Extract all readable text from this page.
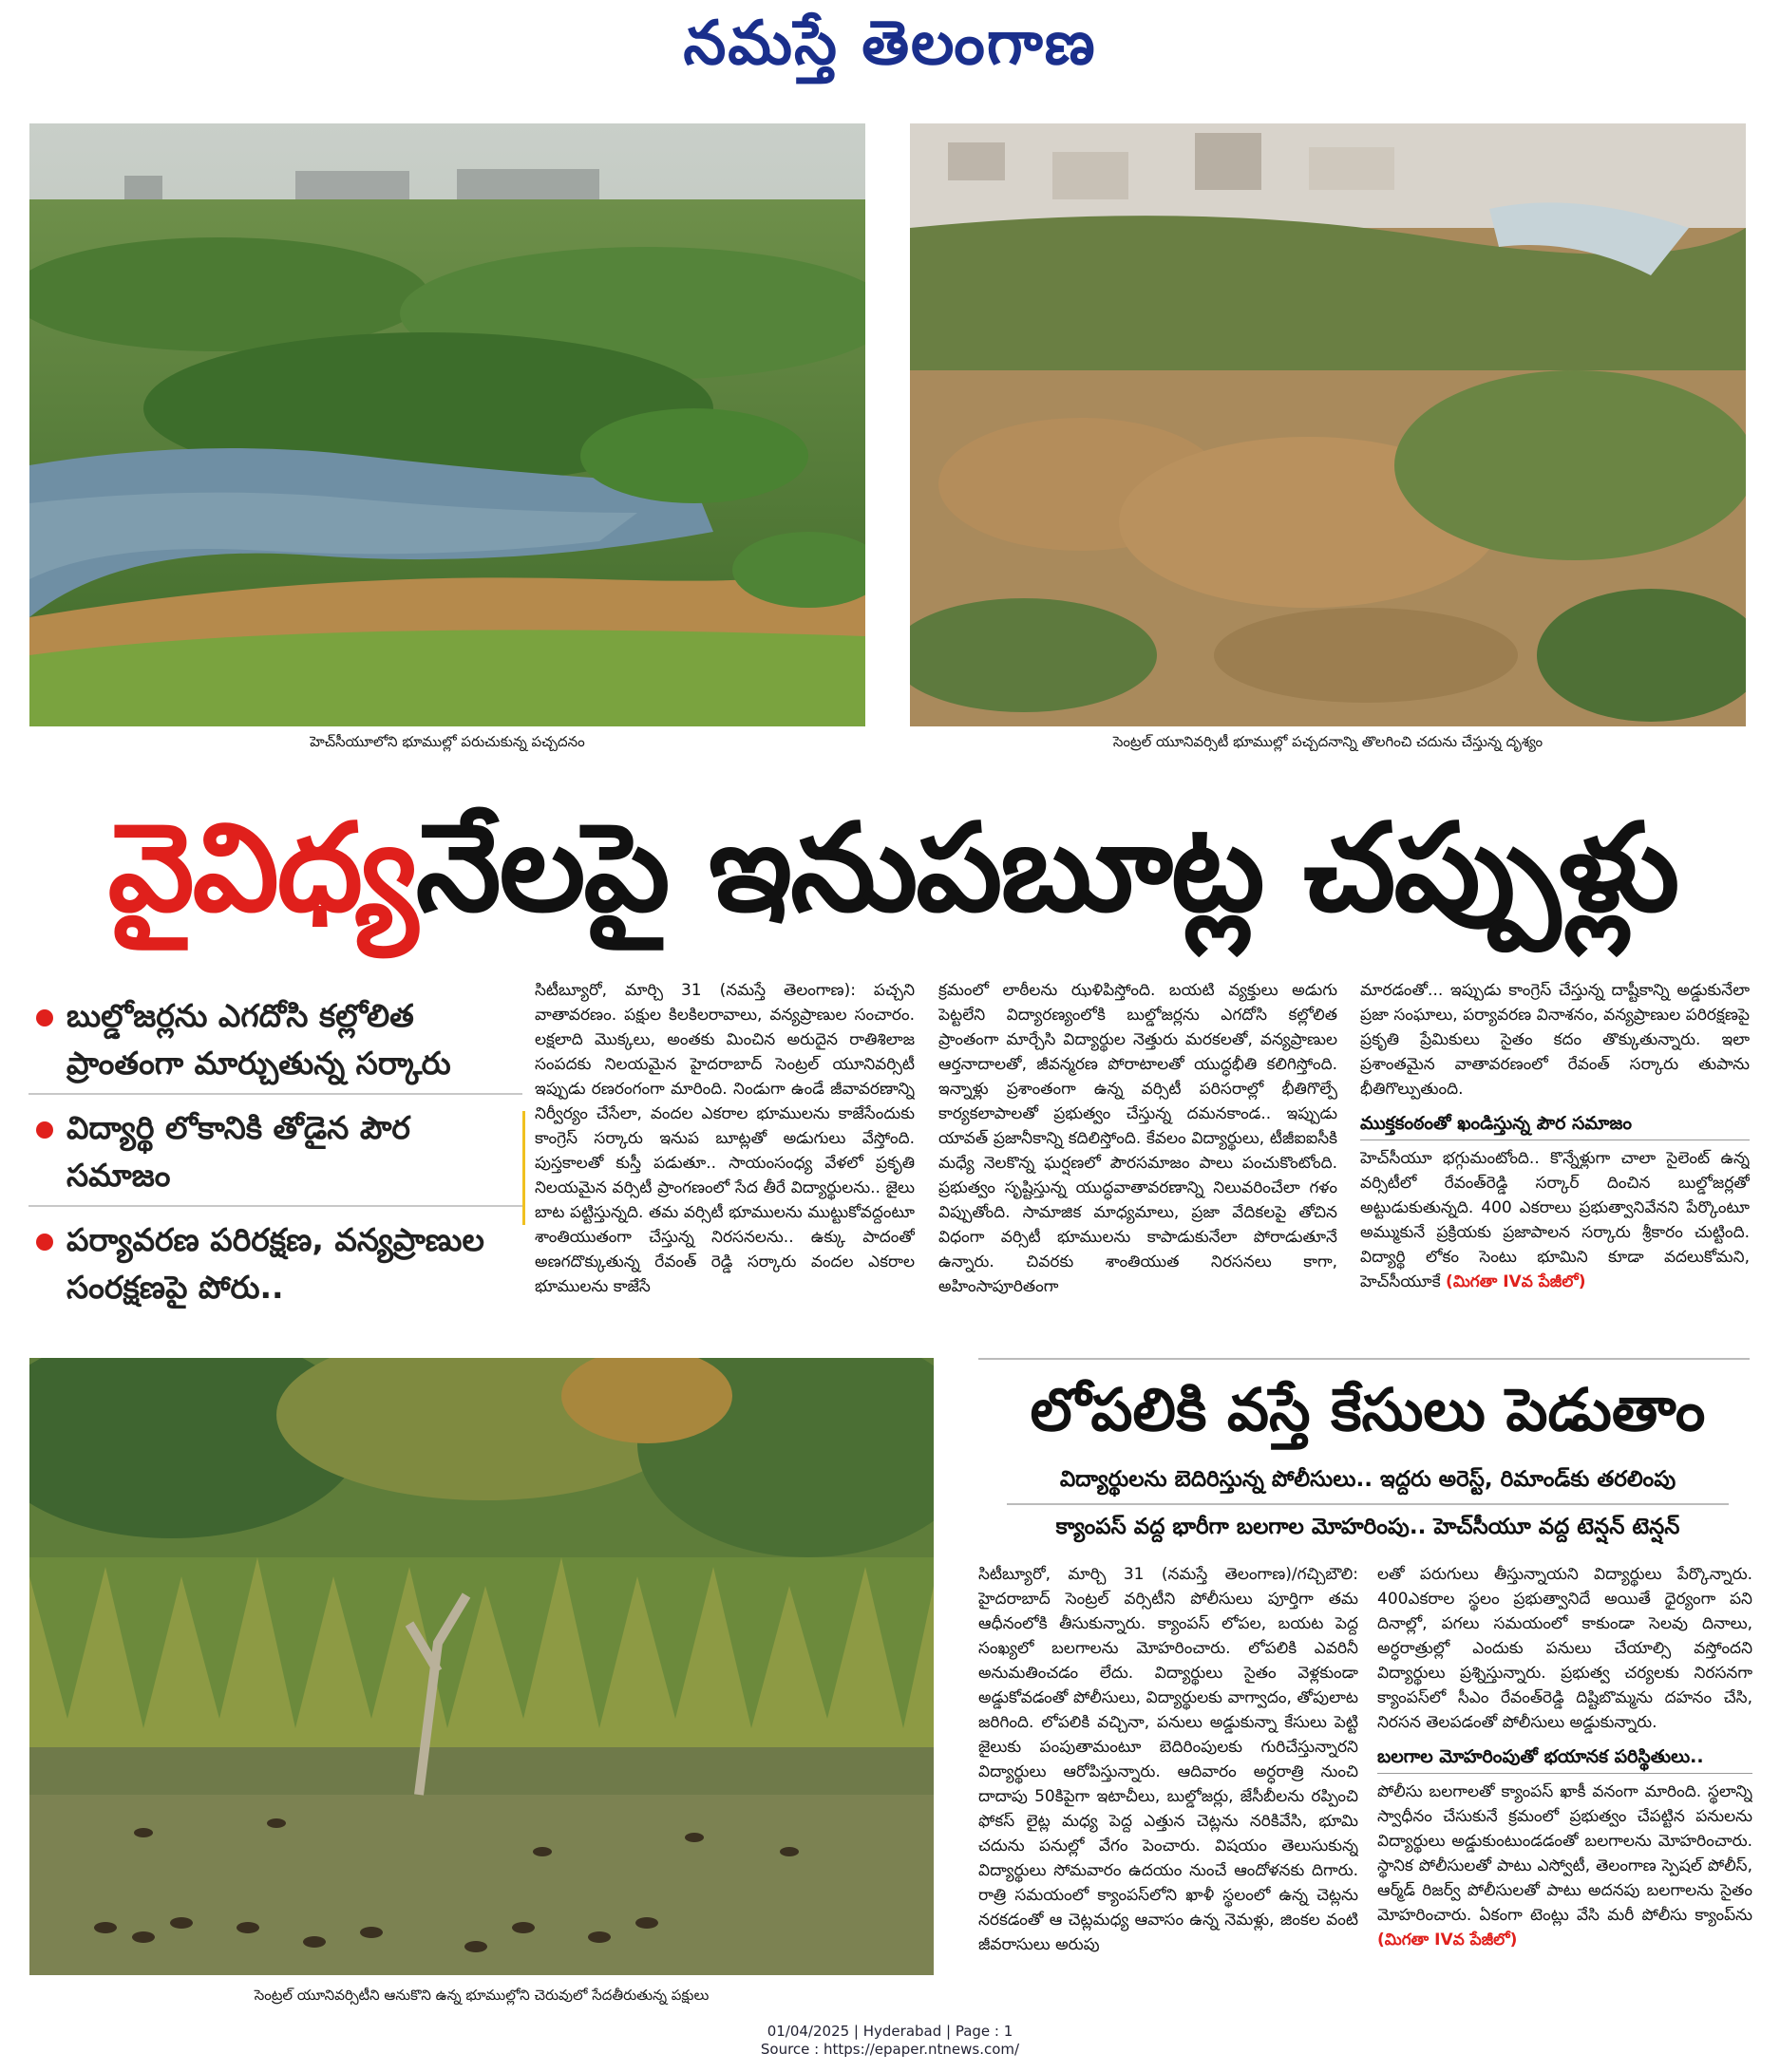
నమస్తే తెలంగాణ
హెచ్‌సీయూలోని భూముల్లో పరుచుకున్న పచ్చదనం	సెంట్రల్ యూనివర్సిటీ భూముల్లో పచ్చదనాన్ని తొలగించి చదును చేస్తున్న దృశ్యం
వైవిధ్యనేలపై ఇనుపబూట్ల చప్పుళ్లు
బుల్డోజర్లను ఎగదోసి కల్లోలిత ప్రాంతంగా మార్చుతున్న సర్కారు
విద్యార్థి లోకానికి తోడైన పౌర సమాజం
పర్యావరణ పరిరక్షణ, వన్యప్రాణుల సంరక్షణపై పోరు..

సిటీబ్యూరో, మార్చి 31 (నమస్తే తెలంగాణ): పచ్చని వాతావరణం. పక్షుల కిలకిలరావాలు, వన్యప్రాణుల సంచారం. లక్షలాది మొక్కలు, అంతకు మించిన అరుదైన రాతిశిలాజ సంపదకు నిలయమైన హైదరాబాద్ సెంట్రల్ యూనివర్సిటీ ఇప్పుడు రణరంగంగా మారింది. నిండుగా ఉండే జీవావరణాన్ని నిర్వీర్యం చేసేలా, వందల ఎకరాల భూములను కాజేసేందుకు కాంగ్రెస్ సర్కారు ఇనుప బూట్లతో అడుగులు వేస్తోంది. పుస్తకాలతో కుస్తీ పడుతూ.. సాయంసంధ్య వేళలో ప్రకృతి నిలయమైన వర్సిటీ ప్రాంగణంలో సేద తీరే విద్యార్థులను.. జైలు బాట పట్టిస్తున్నది. తమ వర్సిటీ భూములను ముట్టుకోవద్దంటూ శాంతియుతంగా చేస్తున్న నిరసనలను.. ఉక్కు పాదంతో అణగదొక్కుతున్న రేవంత్ రెడ్డి సర్కారు వందల ఎకరాల భూములను కాజేసే

క్రమంలో లాఠీలను ఝళిపిస్తోంది. బయటి వ్యక్తులు అడుగు పెట్టలేని విద్యారణ్యంలోకి బుల్డోజర్లను ఎగదోసి కల్లోలిత ప్రాంతంగా మార్చేసి విద్యార్థుల నెత్తురు మరకలతో, వన్యప్రాణుల ఆర్తనాదాలతో, జీవన్మరణ పోరాటాలతో యుద్ధభీతి కలిగిస్తోంది. ఇన్నాళ్లు ప్రశాంతంగా ఉన్న వర్సిటీ పరిసరాల్లో భీతిగొల్పే కార్యకలాపాలతో ప్రభుత్వం చేస్తున్న దమనకాండ.. ఇప్పుడు యావత్ ప్రజానీకాన్ని కదిలిస్తోంది. కేవలం విద్యార్థులు, టీజీఐఐసీకి మధ్యే నెలకొన్న ఘర్షణలో పౌరసమాజం పాలు పంచుకొంటోంది. ప్రభుత్వం సృష్టిస్తున్న యుద్ధవాతావరణాన్ని నిలువరించేలా గళం విప్పుతోంది. సామాజిక మాధ్యమాలు, ప్రజా వేదికలపై తోచిన విధంగా వర్సిటీ భూములను కాపాడుకునేలా పోరాడుతూనే ఉన్నారు. చివరకు శాంతియుత నిరసనలు కాగా, అహింసాపూరితంగా

మారడంతో... ఇప్పుడు కాంగ్రెస్ చేస్తున్న దాష్టీకాన్ని అడ్డుకునేలా ప్రజా సంఘాలు, పర్యావరణ వినాశనం, వన్యప్రాణుల పరిరక్షణపై ప్రకృతి ప్రేమికులు సైతం కదం తొక్కుతున్నారు. ఇలా ప్రశాంతమైన వాతావరణంలో రేవంత్ సర్కారు తుపాను భీతిగొల్పుతుంది.

ముక్తకంఠంతో ఖండిస్తున్న పౌర సమాజం

హెచ్‌సీయూ భగ్గుమంటోంది.. కొన్నేళ్లుగా చాలా సైలెంట్ ఉన్న వర్సిటీలో రేవంత్‌రెడ్డి సర్కార్ దించిన బుల్డోజర్లతో అట్టుడుకుతున్నది. 400 ఎకరాలు ప్రభుత్వానివేనని పేర్కొంటూ అమ్ముకునే ప్రక్రియకు ప్రజాపాలన సర్కారు శ్రీకారం చుట్టింది. విద్యార్థి లోకం సెంటు భూమిని కూడా వదలుకోమని, హెచ్‌సీయూకే (మిగతా IVవ పేజీలో)

సెంట్రల్ యూనివర్సిటీని ఆనుకొని ఉన్న భూముల్లోని చెరువులో సేదతీరుతున్న పక్షులు
లోపలికి వస్తే కేసులు పెడుతాం
విద్యార్థులను బెదిరిస్తున్న పోలీసులు.. ఇద్దరు అరెస్ట్, రిమాండ్‌కు తరలింపు
క్యాంపస్ వద్ద భారీగా బలగాల మోహరింపు.. హెచ్‌సీయూ వద్ద టెన్షన్ టెన్షన్

సిటీబ్యూరో, మార్చి 31 (నమస్తే తెలంగాణ)/గచ్చిబౌలి: హైదరాబాద్ సెంట్రల్ వర్సిటీని పోలీసులు పూర్తిగా తమ ఆధీనంలోకి తీసుకున్నారు. క్యాంపస్ లోపల, బయట పెద్ద సంఖ్యలో బలగాలను మోహరించారు. లోపలికి ఎవరినీ అనుమతించడం లేదు. విద్యార్థులు సైతం వెళ్లకుండా అడ్డుకోవడంతో పోలీసులు, విద్యార్థులకు వాగ్వాదం, తోపులాట జరిగింది. లోపలికి వచ్చినా, పనులు అడ్డుకున్నా కేసులు పెట్టి జైలుకు పంపుతామంటూ బెదిరింపులకు గురిచేస్తున్నారని విద్యార్థులు ఆరోపిస్తున్నారు. ఆదివారం అర్ధరాత్రి నుంచి దాదాపు 50కిపైగా ఇటాచీలు, బుల్డోజర్లు, జేసీబీలను రప్పించి ఫోకస్ లైట్ల మధ్య పెద్ద ఎత్తున చెట్లను నరికివేసి, భూమి చదును పనుల్లో వేగం పెంచారు. విషయం తెలుసుకున్న విద్యార్థులు సోమవారం ఉదయం నుంచే ఆందోళనకు దిగారు. రాత్రి సమయంలో క్యాంపస్‌లోని ఖాళీ స్థలంలో ఉన్న చెట్లను నరకడంతో ఆ చెట్లమధ్య ఆవాసం ఉన్న నెమళ్లు, జింకల వంటి జీవరాసులు అరుపు

లతో పరుగులు తీస్తున్నాయని విద్యార్థులు పేర్కొన్నారు. 400ఎకరాల స్థలం ప్రభుత్వానిదే అయితే ధైర్యంగా పని దినాల్లో, పగలు సమయంలో కాకుండా సెలవు దినాలు, అర్ధరాత్రుల్లో ఎందుకు పనులు చేయాల్సి వస్తోందని విద్యార్థులు ప్రశ్నిస్తున్నారు. ప్రభుత్వ చర్యలకు నిరసనగా క్యాంపస్‌లో సీఎం రేవంత్‌రెడ్డి దిష్టిబొమ్మను దహనం చేసి, నిరసన తెలపడంతో పోలీసులు అడ్డుకున్నారు.

బలగాల మోహరింపుతో భయానక పరిస్థితులు..

పోలీసు బలగాలతో క్యాంపస్ ఖాకీ వనంగా మారింది. స్థలాన్ని స్వాధీనం చేసుకునే క్రమంలో ప్రభుత్వం చేపట్టిన పనులను విద్యార్థులు అడ్డుకుంటుండడంతో బలగాలను మోహరించారు. స్థానిక పోలీసులతో పాటు ఎస్వోటీ, తెలంగాణ స్పెషల్ పోలీస్, ఆర్మ్‌డ్ రిజర్వ్ పోలీసులతో పాటు అదనపు బలగాలను సైతం మోహరించారు. ఏకంగా టెంట్లు వేసి మరీ పోలీసు క్యాంప్‌ను (మిగతా IVవ పేజీలో)

01/04/2025 | Hyderabad | Page : 1
Source : https://epaper.ntnews.com/
